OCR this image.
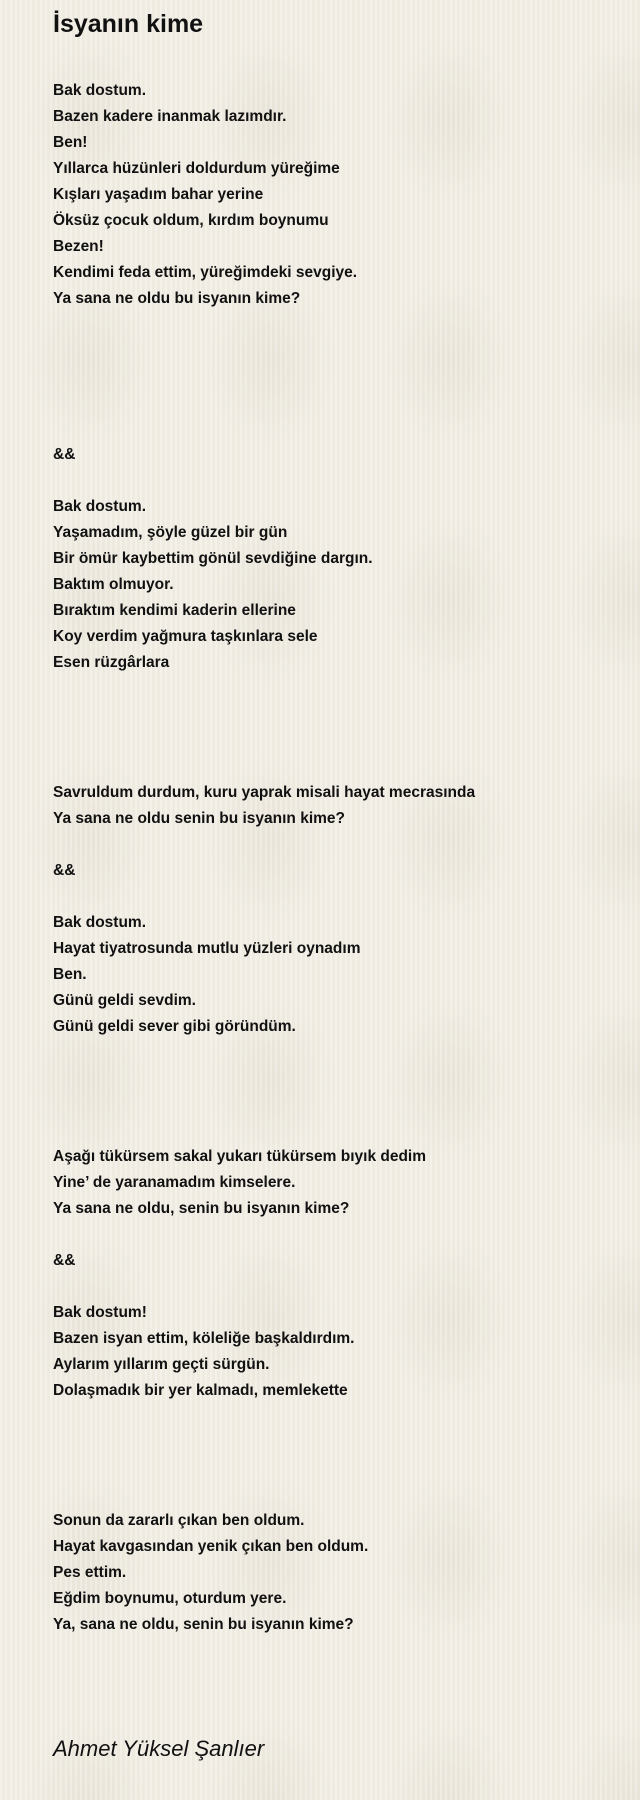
İsyanın kime
Bak dostum.
Bazen kadere inanmak lazımdır.
Ben!
Yıllarca hüzünleri doldurdum yüreğime
Kışları yaşadım bahar yerine
Öksüz çocuk oldum, kırdım boynumu
Bezen!
Kendimi feda ettim, yüreğimdeki sevgiye.
Ya sana ne oldu bu isyanın kime?
&&
Bak dostum.
Yaşamadım, şöyle güzel bir gün
Bir ömür kaybettim gönül sevdiğine dargın.
Baktım olmuyor.
Bıraktım kendimi kaderin ellerine
Koy verdim yağmura taşkınlara sele
Esen rüzgârlara
Savruldum durdum, kuru yaprak misali hayat mecrasında
Ya sana ne oldu senin bu isyanın kime?
&&
Bak dostum.
Hayat tiyatrosunda mutlu yüzleri oynadım
Ben.
Günü geldi sevdim.
Günü geldi sever gibi göründüm.
Aşağı tükürsem sakal yukarı tükürsem bıyık dedim
Yine’ de yaranamadım kimselere.
Ya sana ne oldu, senin bu isyanın kime?
&&
Bak dostum!
Bazen isyan ettim, köleliğe başkaldırdım.
Aylarım yıllarım geçti sürgün.
Dolaşmadık bir yer kalmadı, memlekette
Sonun da zararlı çıkan ben oldum.
Hayat kavgasından yenik çıkan ben oldum.
Pes ettim.
Eğdim boynumu, oturdum yere.
Ya, sana ne oldu, senin bu isyanın kime?
Ahmet Yüksel Şanlıer
